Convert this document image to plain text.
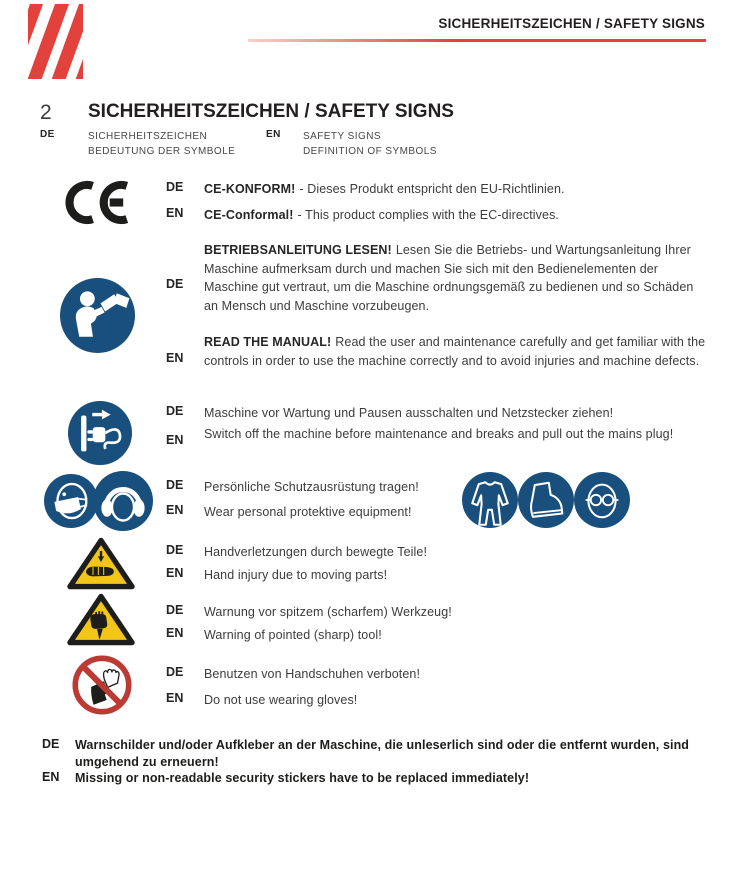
SICHERHEITSZEICHEN / SAFETY SIGNS
2 SICHERHEITSZEICHEN / SAFETY SIGNS
DE	SICHERHEITSZEICHEN
BEDEUTUNG DER SYMBOLE
EN SAFETY SIGNS
DEFINITION OF SYMBOLS
DE CE-KONFORM! - Dieses Produkt entspricht den EU-Richtlinien.
EN CE-Conformal! - This product complies with the EC-directives.
DE
BETRIEBSANLEITUNG LESEN! Lesen Sie die Betriebs- und Wartungsanleitung Ihrer Maschine aufmerksam durch und machen Sie sich mit den Bedienelementen der Maschine gut vertraut, um die Maschine ordnungsgemäß zu bedienen und so Schäden an Mensch und Maschine vorzubeugen.
EN
READ THE MANUAL! Read the user and maintenance carefully and get familiar with the controls in order to use the machine correctly and to avoid injuries and machine defects.
DE Maschine vor Wartung und Pausen ausschalten und Netzstecker ziehen!
EN Switch off the machine before maintenance and breaks and pull out the mains plug!
DE Persönliche Schutzausrüstung tragen!
EN Wear personal protektive equipment!
DE Handverletzungen durch bewegte Teile!
EN Hand injury due to moving parts!
DE Warnung vor spitzem (scharfem) Werkzeug!
EN Warning of pointed (sharp) tool!
DE Benutzen von Handschuhen verboten!
EN Do not use wearing gloves!
DE Warnschilder und/oder Aufkleber an der Maschine, die unleserlich sind oder die entfernt wurden, sind umgehend zu erneuern!
EN Missing or non-readable security stickers have to be replaced immediately!
